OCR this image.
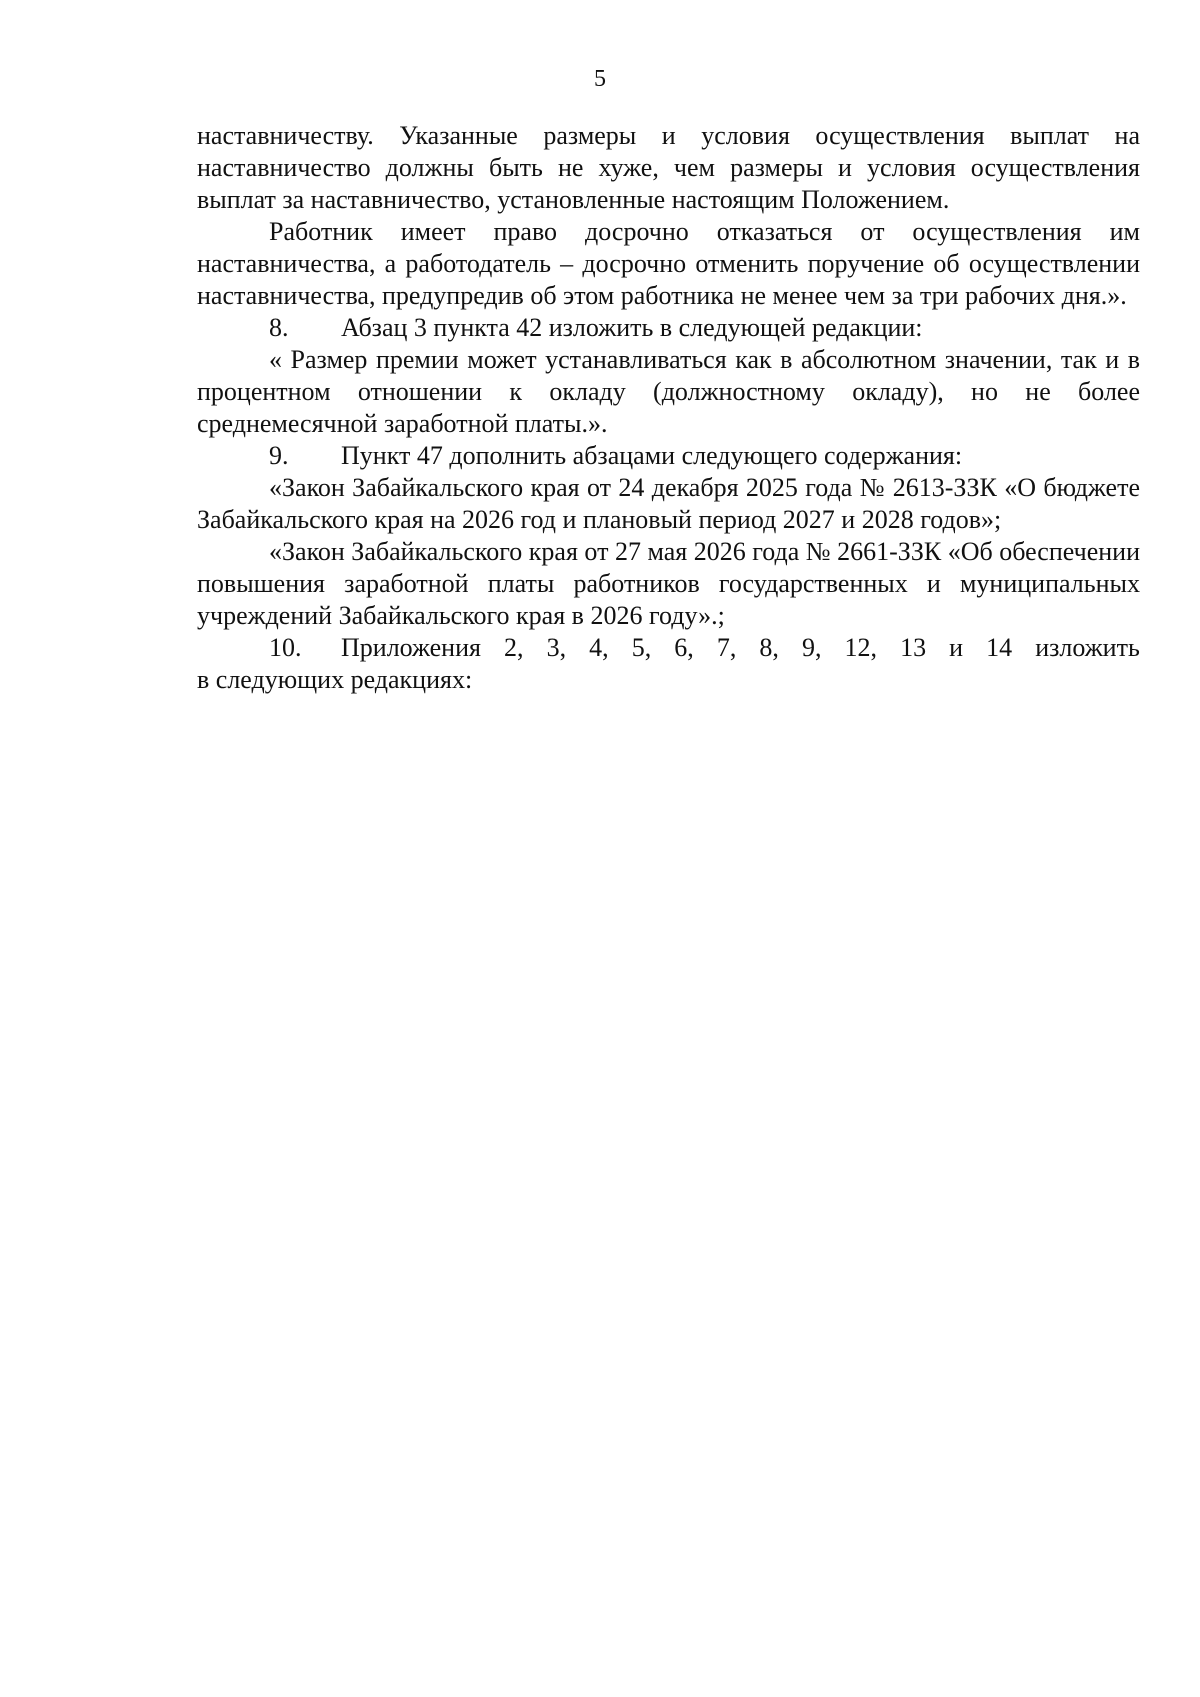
5

наставничеству. Указанные размеры и условия осуществления выплат на наставничество должны быть не хуже, чем размеры и условия осуществления выплат за наставничество, установленные настоящим Положением.

Работник имеет право досрочно отказаться от осуществления им наставничества, а работодатель – досрочно отменить поручение об осуществлении наставничества, предупредив об этом работника не менее чем за три рабочих дня.».

8.	Абзац 3 пункта 42 изложить в следующей редакции:

« Размер премии может устанавливаться как в абсолютном значении, так и в процентном отношении к окладу (должностному окладу), но не более среднемесячной заработной платы.».

9.	Пункт 47 дополнить абзацами следующего содержания:

«Закон Забайкальского края от 24 декабря 2025 года № 2613-ЗЗК «О бюджете Забайкальского края на 2026 год и плановый период 2027 и 2028 годов»;

«Закон Забайкальского края от 27 мая 2026 года № 2661-ЗЗК «Об обеспечении повышения заработной платы работников государственных и муниципальных учреждений Забайкальского края в 2026 году».;

10.	Приложения 2, 3, 4, 5, 6, 7, 8, 9, 12, 13 и 14 изложить

в следующих редакциях:
